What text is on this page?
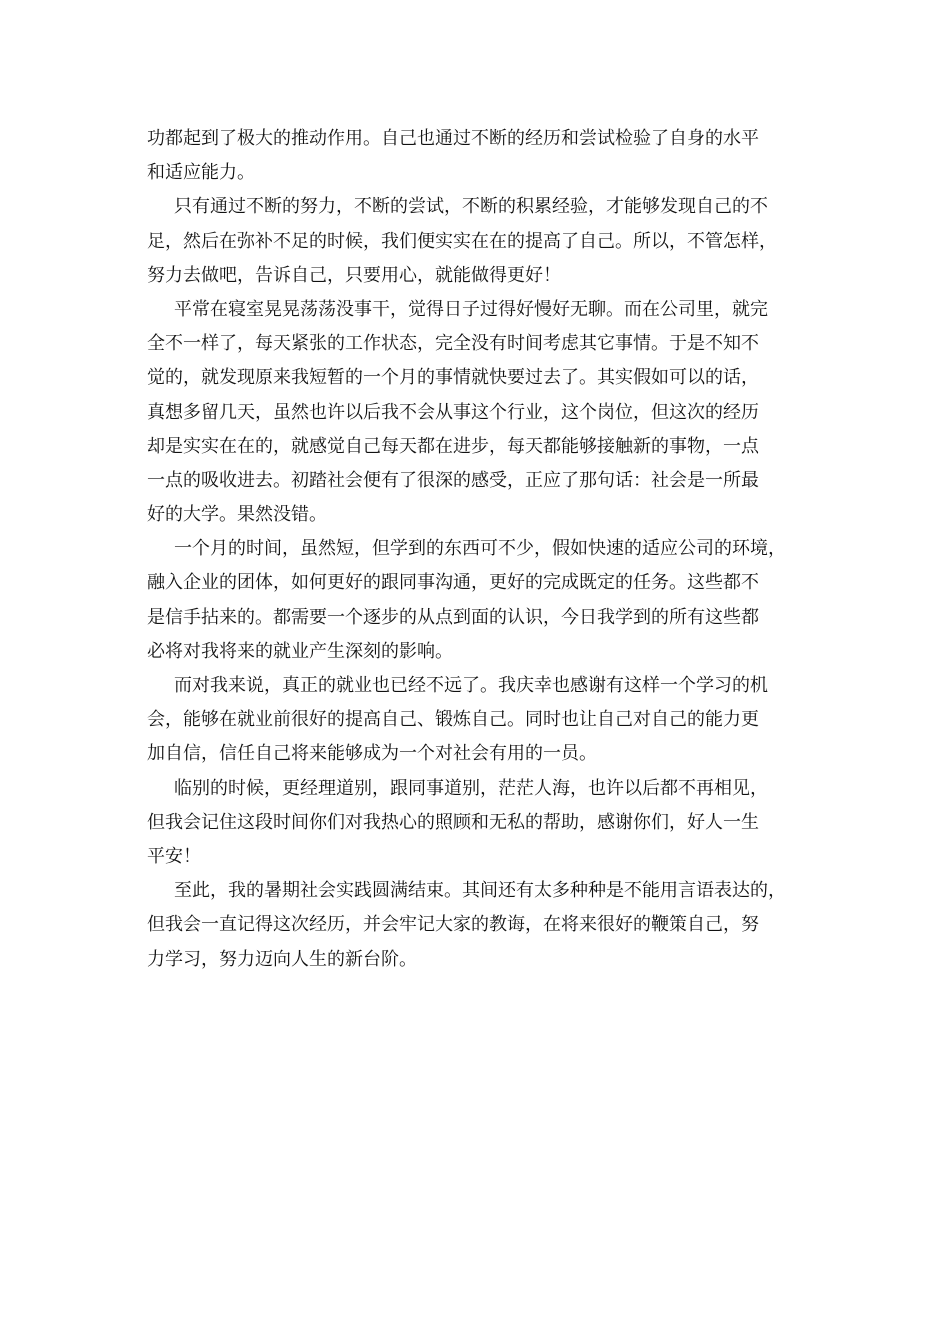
功都起到了极大的推动作用。自己也通过不断的经历和尝试检验了自身的水平
和适应能力。
只有通过不断的努力，不断的尝试，不断的积累经验，才能够发现自己的不
足，然后在弥补不足的时候，我们便实实在在的提高了自己。所以，不管怎样，
努力去做吧，告诉自己，只要用心，就能做得更好！
平常在寝室晃晃荡荡没事干，觉得日子过得好慢好无聊。而在公司里，就完
全不一样了，每天紧张的工作状态，完全没有时间考虑其它事情。于是不知不
觉的，就发现原来我短暂的一个月的事情就快要过去了。其实假如可以的话，
真想多留几天，虽然也许以后我不会从事这个行业，这个岗位，但这次的经历
却是实实在在的，就感觉自己每天都在进步，每天都能够接触新的事物，一点
一点的吸收进去。初踏社会便有了很深的感受，正应了那句话：社会是一所最
好的大学。果然没错。
一个月的时间，虽然短，但学到的东西可不少，假如快速的适应公司的环境，
融入企业的团体，如何更好的跟同事沟通，更好的完成既定的任务。这些都不
是信手拈来的。都需要一个逐步的从点到面的认识，今日我学到的所有这些都
必将对我将来的就业产生深刻的影响。
而对我来说，真正的就业也已经不远了。我庆幸也感谢有这样一个学习的机
会，能够在就业前很好的提高自己、锻炼自己。同时也让自己对自己的能力更
加自信，信任自己将来能够成为一个对社会有用的一员。
临别的时候，更经理道别，跟同事道别，茫茫人海，也许以后都不再相见，
但我会记住这段时间你们对我热心的照顾和无私的帮助，感谢你们，好人一生
平安！
至此，我的暑期社会实践圆满结束。其间还有太多种种是不能用言语表达的，
但我会一直记得这次经历，并会牢记大家的教诲，在将来很好的鞭策自己，努
力学习，努力迈向人生的新台阶。
